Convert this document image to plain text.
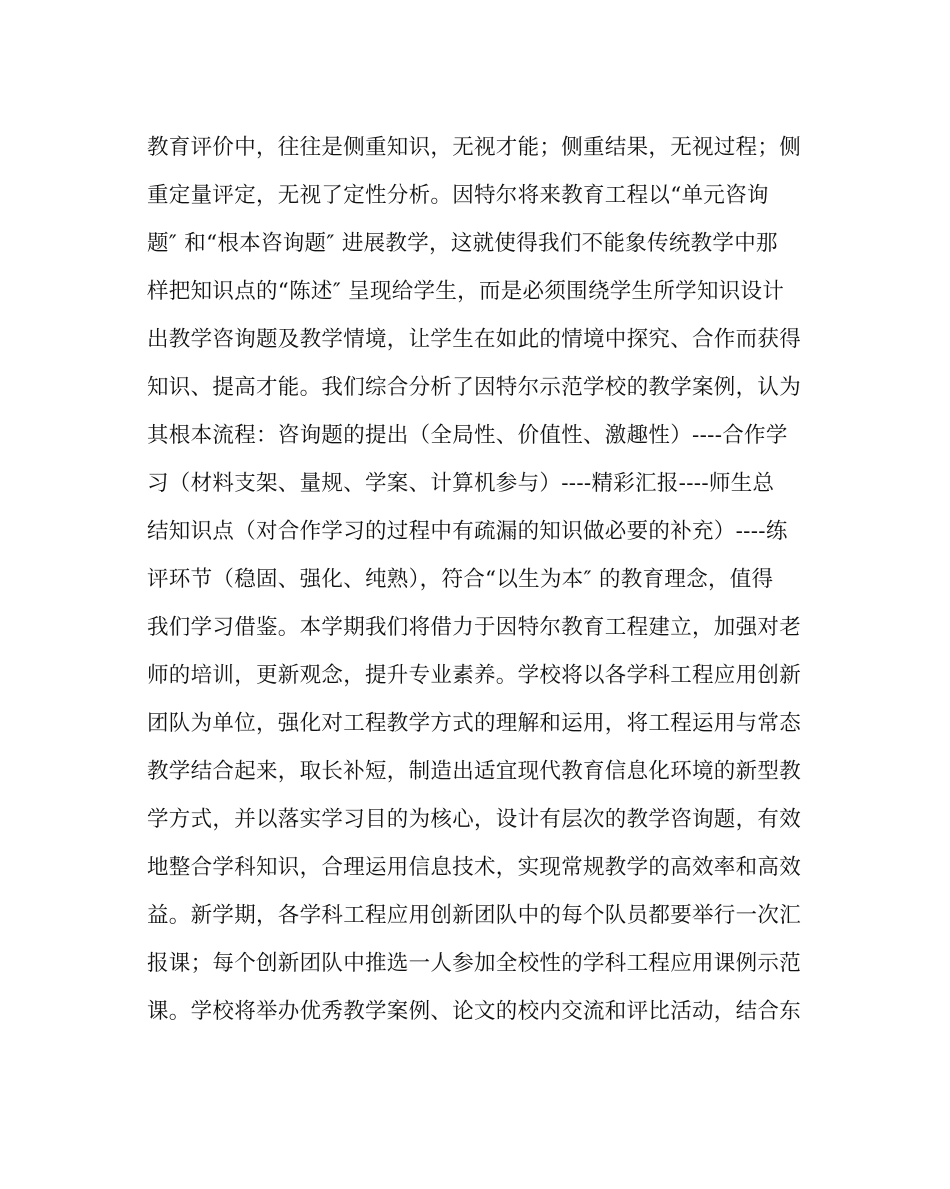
教育评价中，往往是侧重知识，无视才能；侧重结果，无视过程；侧
重定量评定，无视了定性分析。因特尔将来教育工程以“单元咨询
题″ 和“根本咨询题″ 进展教学，这就使得我们不能象传统教学中那
样把知识点的“陈述″ 呈现给学生，而是必须围绕学生所学知识设计
出教学咨询题及教学情境，让学生在如此的情境中探究、合作而获得
知识、提高才能。我们综合分析了因特尔示范学校的教学案例，认为
其根本流程：咨询题的提出（全局性、价值性、激趣性）----合作学
习（材料支架、量规、学案、计算机参与）----精彩汇报----师生总
结知识点（对合作学习的过程中有疏漏的知识做必要的补充）----练
评环节（稳固、强化、纯熟），符合“以生为本″ 的教育理念，值得
我们学习借鉴。本学期我们将借力于因特尔教育工程建立，加强对老
师的培训，更新观念，提升专业素养。学校将以各学科工程应用创新
团队为单位，强化对工程教学方式的理解和运用，将工程运用与常态
教学结合起来，取长补短，制造出适宜现代教育信息化环境的新型教
学方式，并以落实学习目的为核心，设计有层次的教学咨询题，有效
地整合学科知识，合理运用信息技术，实现常规教学的高效率和高效
益。新学期，各学科工程应用创新团队中的每个队员都要举行一次汇
报课；每个创新团队中推选一人参加全校性的学科工程应用课例示范
课。学校将举办优秀教学案例、论文的校内交流和评比活动，结合东
